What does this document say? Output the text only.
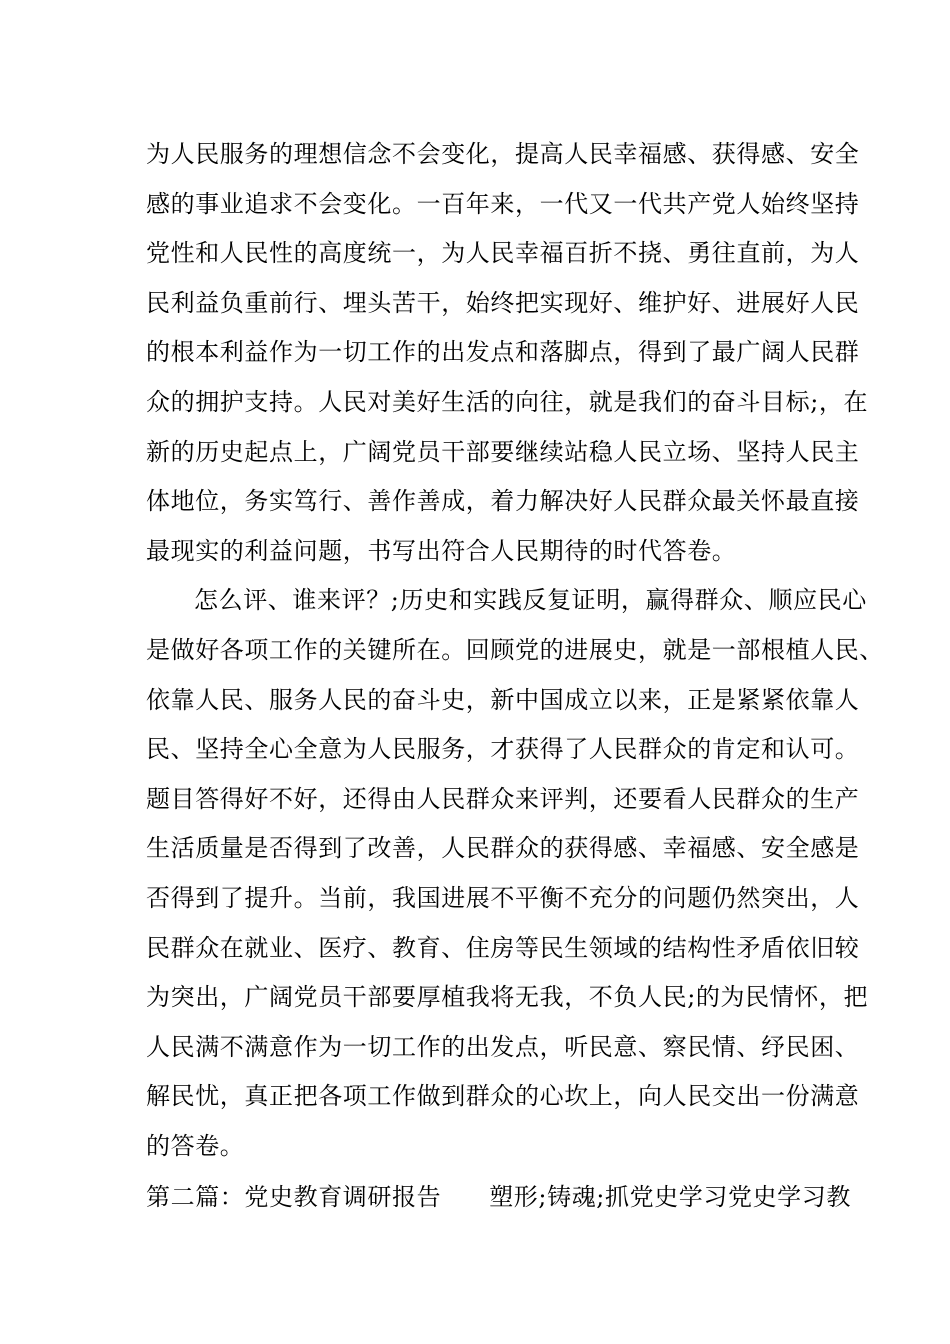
为人民服务的理想信念不会变化，提高人民幸福感、获得感、安全
感的事业追求不会变化。一百年来，一代又一代共产党人始终坚持
党性和人民性的高度统一，为人民幸福百折不挠、勇往直前，为人
民利益负重前行、埋头苦干，始终把实现好、维护好、进展好人民
的根本利益作为一切工作的出发点和落脚点，得到了最广阔人民群
众的拥护支持。人民对美好生活的向往，就是我们的奋斗目标;，在
新的历史起点上，广阔党员干部要继续站稳人民立场、坚持人民主
体地位，务实笃行、善作善成，着力解决好人民群众最关怀最直接
最现实的利益问题，书写出符合人民期待的时代答卷。
怎么评、谁来评？;历史和实践反复证明，赢得群众、顺应民心
是做好各项工作的关键所在。回顾党的进展史，就是一部根植人民、
依靠人民、服务人民的奋斗史，新中国成立以来，正是紧紧依靠人
民、坚持全心全意为人民服务，才获得了人民群众的肯定和认可。
题目答得好不好，还得由人民群众来评判，还要看人民群众的生产
生活质量是否得到了改善，人民群众的获得感、幸福感、安全感是
否得到了提升。当前，我国进展不平衡不充分的问题仍然突出，人
民群众在就业、医疗、教育、住房等民生领域的结构性矛盾依旧较
为突出，广阔党员干部要厚植我将无我，不负人民;的为民情怀，把
人民满不满意作为一切工作的出发点，听民意、察民情、纾民困、
解民忧，真正把各项工作做到群众的心坎上，向人民交出一份满意
的答卷。
第二篇：党史教育调研报告 塑形;铸魂;抓党史学习党史学习教
